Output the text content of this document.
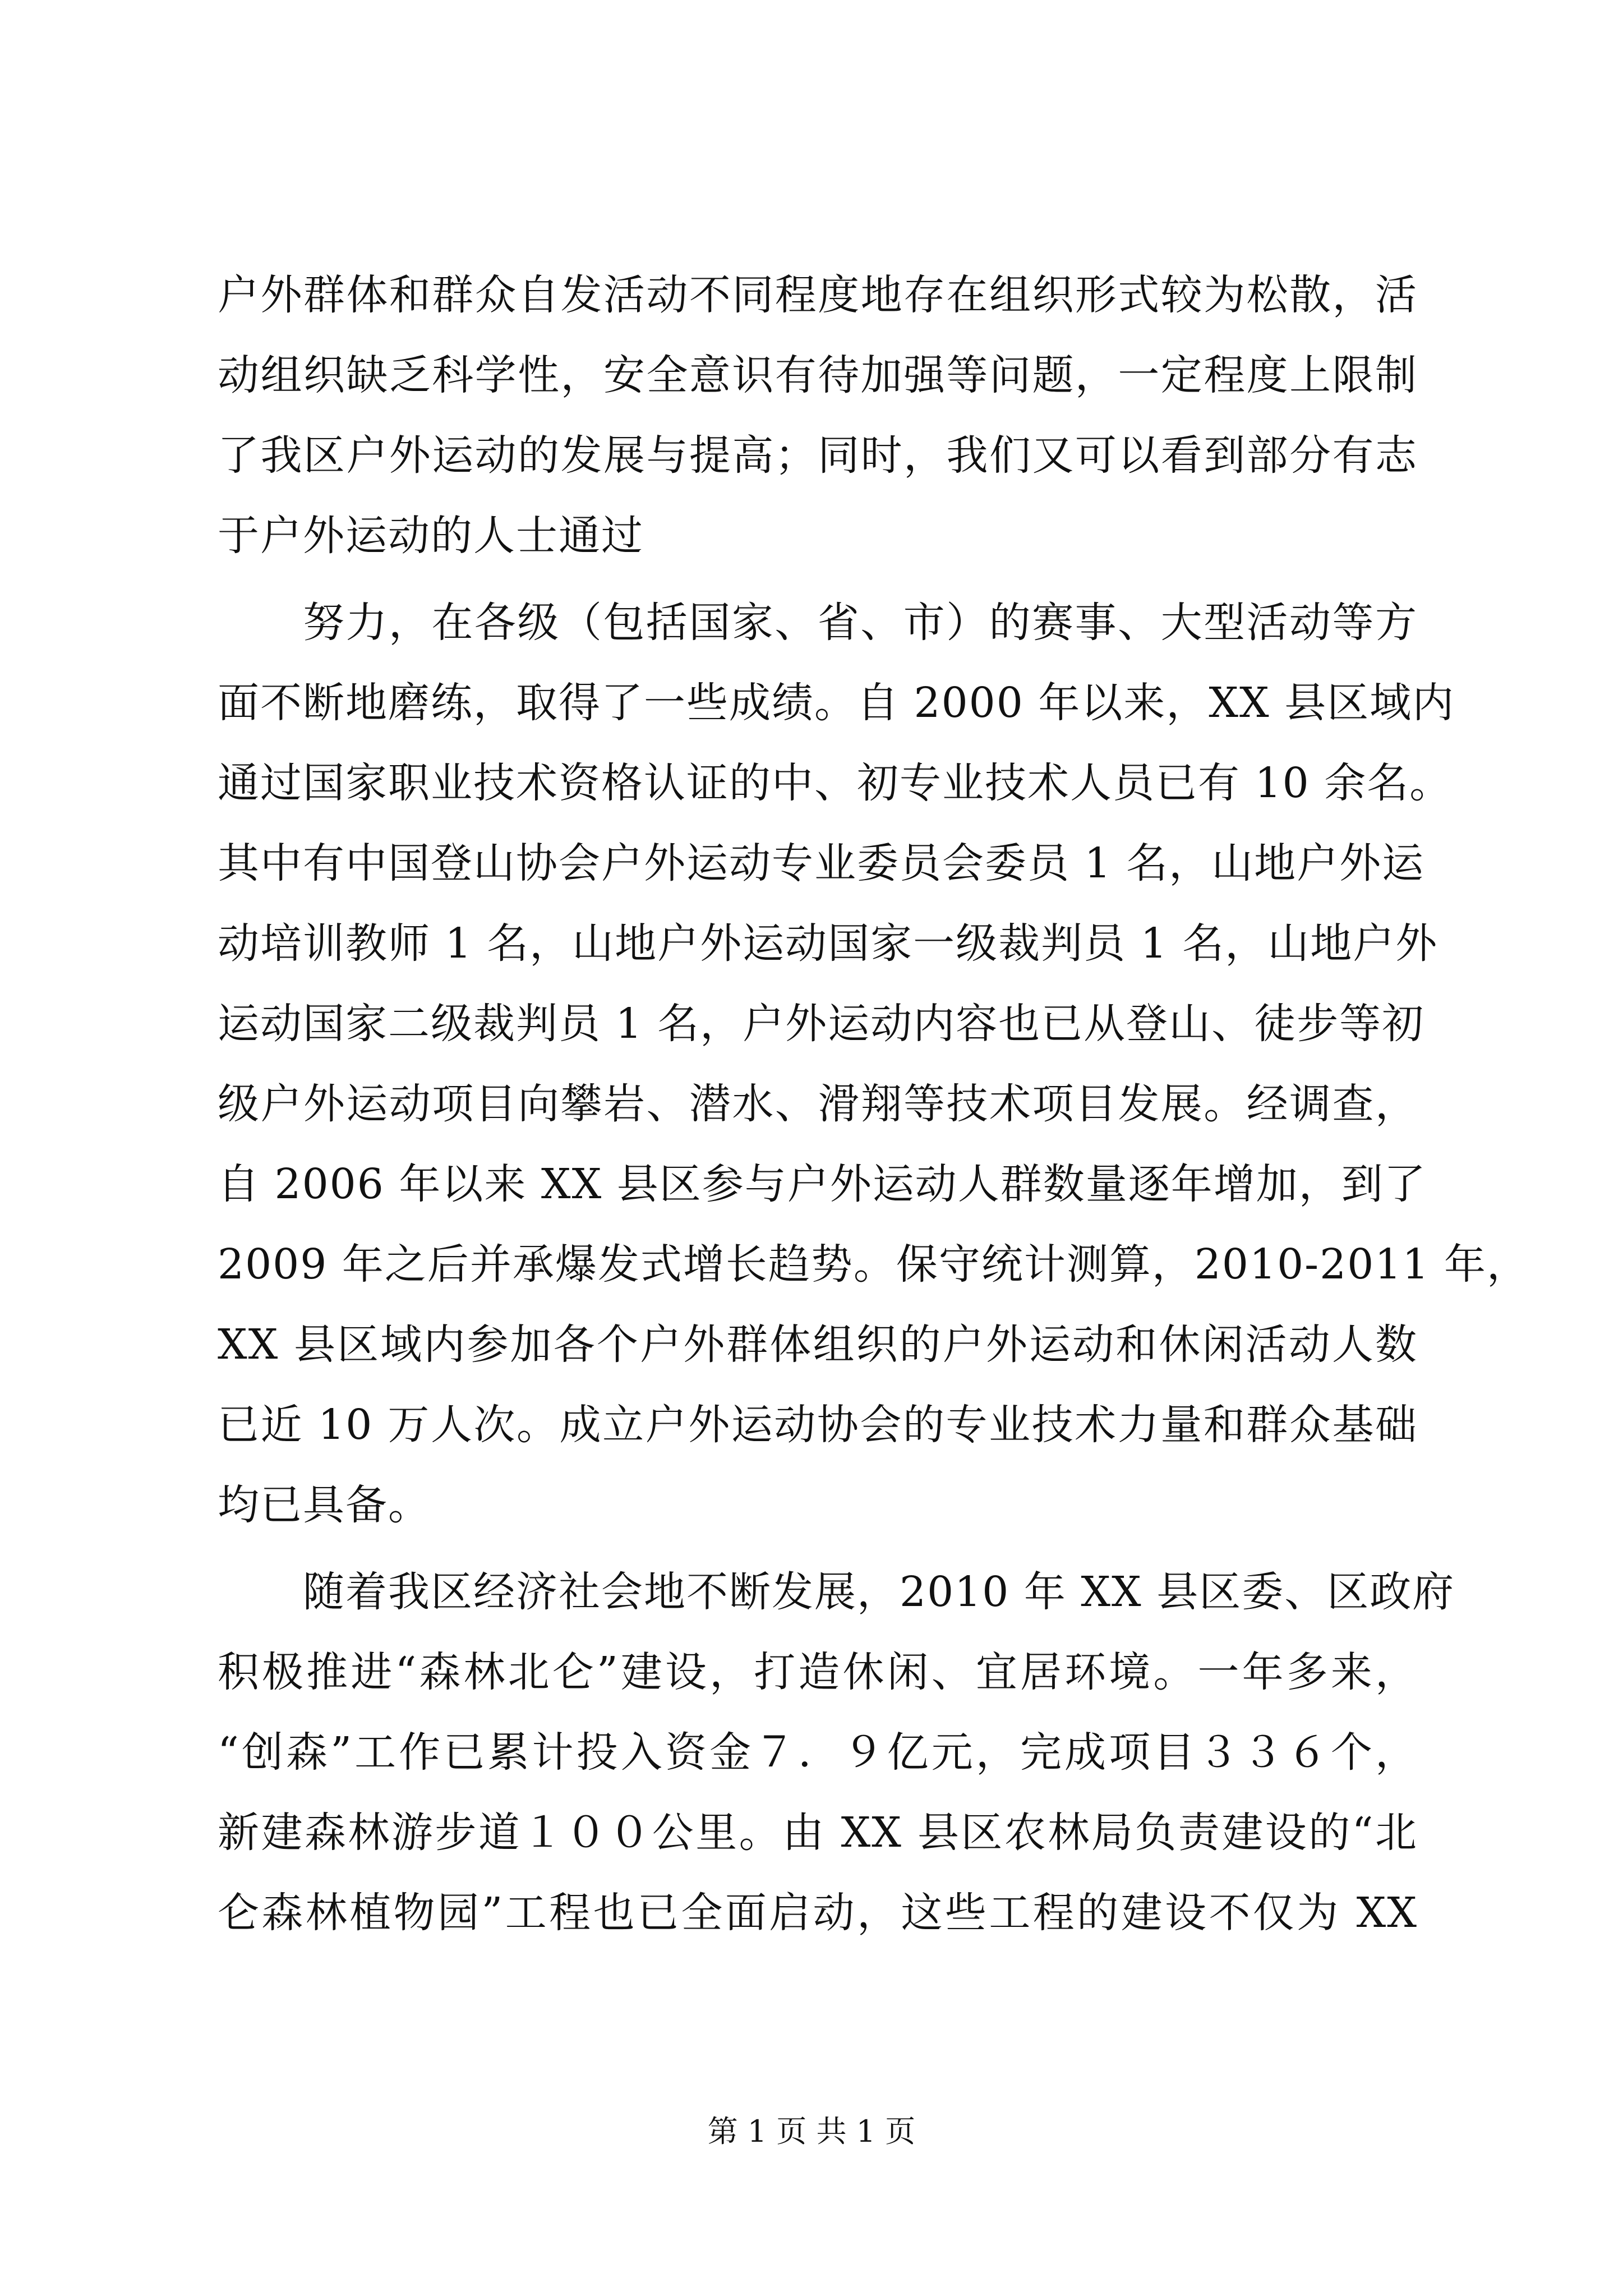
户外群体和群众自发活动不同程度地存在组织形式较为松散，活
动组织缺乏科学性，安全意识有待加强等问题，一定程度上限制
了我区户外运动的发展与提高；同时，我们又可以看到部分有志
于户外运动的人士通过
努力，在各级（包括国家、省、市）的赛事、大型活动等方
面不断地磨练，取得了一些成绩。自 2000 年以来，XX 县区域内
通过国家职业技术资格认证的中、初专业技术人员已有 10 余名。
其中有中国登山协会户外运动专业委员会委员 1 名，山地户外运
动培训教师 1 名，山地户外运动国家一级裁判员 1 名，山地户外
运动国家二级裁判员 1 名，户外运动内容也已从登山、徒步等初
级户外运动项目向攀岩、潜水、滑翔等技术项目发展。经调查，
自 2006 年以来 XX 县区参与户外运动人群数量逐年增加，到了
2009 年之后并承爆发式增长趋势。保守统计测算，2010-2011 年，
XX 县区域内参加各个户外群体组织的户外运动和休闲活动人数
已近 10 万人次。成立户外运动协会的专业技术力量和群众基础
均已具备。
随着我区经济社会地不断发展，2010 年 XX 县区委、区政府
积极推进“森林北仑”建设，打造休闲、宜居环境。一年多来，
“创森”工作已累计投入资金７．９亿元，完成项目３３６个，
新建森林游步道１００公里。由 XX 县区农林局负责建设的“北
仑森林植物园”工程也已全面启动，这些工程的建设不仅为 XX
第 1 页 共 1 页
